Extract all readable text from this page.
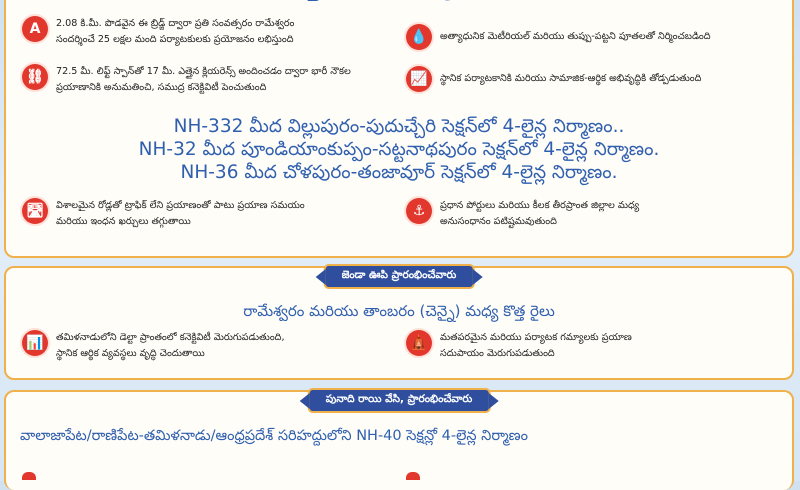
A	2.08 కి.మీ. పొడవైన ఈ బ్రిడ్జ్ ద్వారా ప్రతి సంవత్సరం రామేశ్వరం
సందర్శించే 25 లక్షల మంది పర్యాటకులకు ప్రయోజనం లభిస్తుంది
⛓	72.5 మీ. లిఫ్ట్ స్పాన్‌తో 17 మీ. ఎత్తైన క్లియరెన్స్ అందించడం ద్వారా భారీ నౌకల
ప్రయాణానికి అనుమతించి, సముద్ర కనెక్టివిటీ పెంచుతుంది
💧	అత్యాధునిక మెటీరియల్ మరియు తుప్పు-పట్టని పూతలతో నిర్మించబడింది
📈	స్థానిక పర్యాటకానికి మరియు సామాజిక-ఆర్థిక అభివృద్ధికి తోడ్పడుతుంది
NH-332 మీద విల్లుపురం-పుదుచ్చేరి సెక్షన్‌లో 4-లైన్ల నిర్మాణం..
NH-32 మీద పూండియాంకుప్పం-సట్టనాథపురం సెక్షన్‌లో 4-లైన్ల నిర్మాణం.
NH-36 మీద చోళపురం-తంజావూర్ సెక్షన్‌లో 4-లైన్ల నిర్మాణం.
🛣	విశాలమైన రోడ్లతో ట్రాఫిక్ లేని ప్రయాణంతో పాటు ప్రయాణ సమయం
మరియు ఇంధన ఖర్చులు తగ్గుతాయి
⚓	ప్రధాన పోర్టులు మరియు కీలక తీరప్రాంత జిల్లాల మధ్య
అనుసంధానం పటిష్టమవుతుంది
జెండా ఊపి ప్రారంభించేవారు
రామేశ్వరం మరియు తాంబరం (చెన్నై) మధ్య కొత్త రైలు
📊	తమిళనాడులోని డెల్టా ప్రాంతంలో కనెక్టివిటీ మెరుగుపడుతుంది,
స్థానిక ఆర్థిక వ్యవస్థలు వృద్ధి చెందుతాయి
🛕	మతపరమైన మరియు పర్యాటక గమ్యాలకు ప్రయాణ
సదుపాయం మెరుగుపడుతుంది
పునాది రాయి వేసి, ప్రారంభించేవారు
వాలాజాపేట/రాణిపేట-తమిళనాడు/ఆంధ్రప్రదేశ్ సరిహద్దులోని NH-40 సెక్షన్లో 4-లైన్ల నిర్మాణం
